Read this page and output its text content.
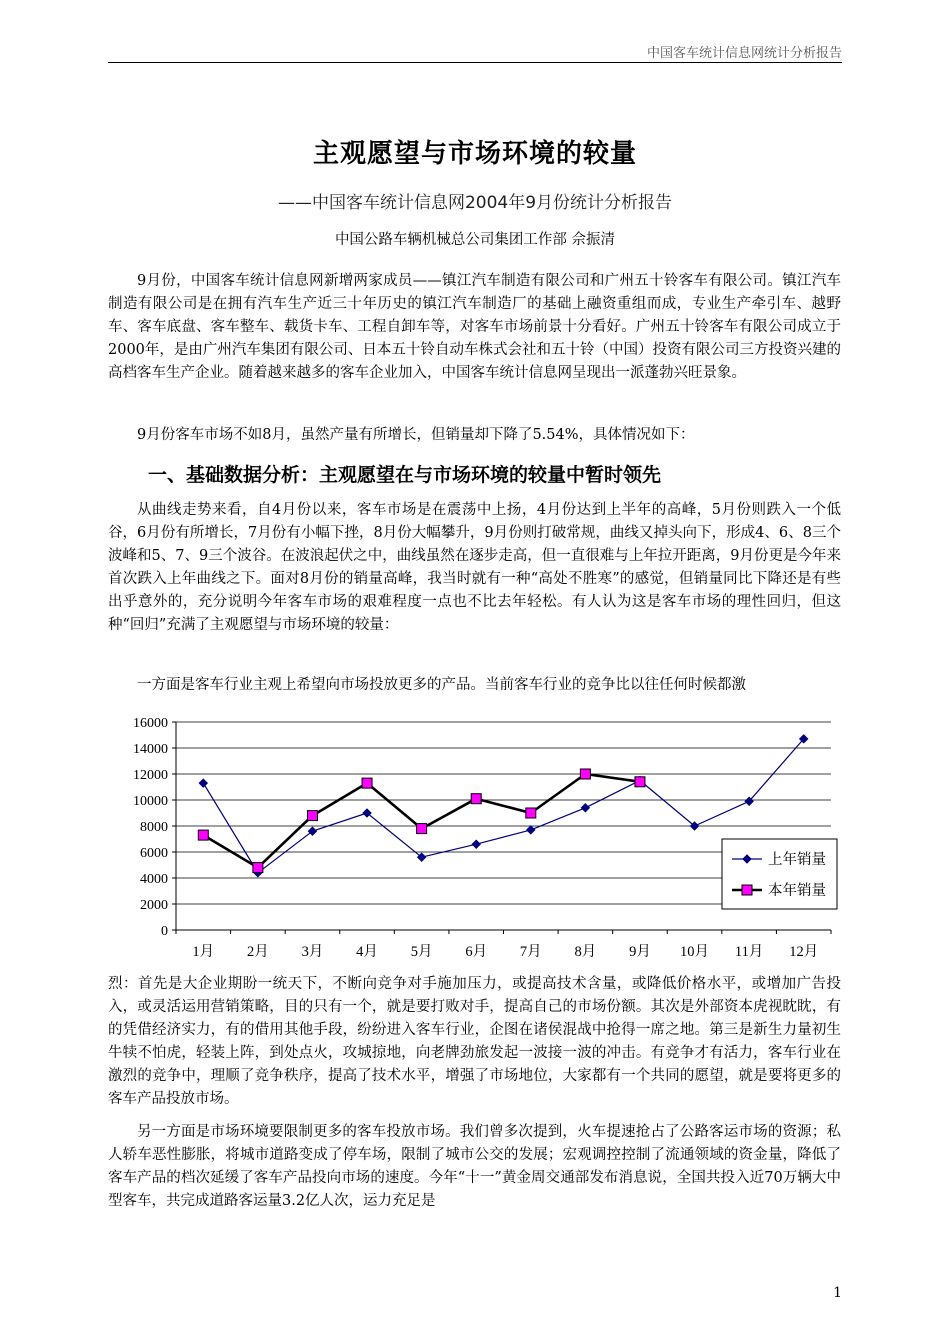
中国客车统计信息网统计分析报告
主观愿望与市场环境的较量
——中国客车统计信息网2004年9月份统计分析报告
中国公路车辆机械总公司集团工作部 佘振清

9月份，中国客车统计信息网新增两家成员——镇江汽车制造有限公司和广州五十铃客车有限公司。镇江汽车制造有限公司是在拥有汽车生产近三十年历史的镇江汽车制造厂的基础上融资重组而成，专业生产牵引车、越野车、客车底盘、客车整车、载货卡车、工程自卸车等，对客车市场前景十分看好。广州五十铃客车有限公司成立于2000年，是由广州汽车集团有限公司、日本五十铃自动车株式会社和五十铃（中国）投资有限公司三方投资兴建的高档客车生产企业。随着越来越多的客车企业加入，中国客车统计信息网呈现出一派蓬勃兴旺景象。

9月份客车市场不如8月，虽然产量有所增长，但销量却下降了5.54%，具体情况如下：

一、基础数据分析：主观愿望在与市场环境的较量中暂时领先

从曲线走势来看，自4月份以来，客车市场是在震荡中上扬，4月份达到上半年的高峰，5月份则跌入一个低谷，6月份有所增长，7月份有小幅下挫，8月份大幅攀升，9月份则打破常规，曲线又掉头向下，形成4、6、8三个波峰和5、7、9三个波谷。在波浪起伏之中，曲线虽然在逐步走高，但一直很难与上年拉开距离，9月份更是今年来首次跌入上年曲线之下。面对8月份的销量高峰，我当时就有一种“高处不胜寒”的感觉，但销量同比下降还是有些出乎意外的，充分说明今年客车市场的艰难程度一点也不比去年轻松。有人认为这是客车市场的理性回归，但这种“回归”充满了主观愿望与市场环境的较量：

一方面是客车行业主观上希望向市场投放更多的产品。当前客车行业的竞争比以往任何时候都激

0
2000
4000
6000
8000
10000
12000
14000
16000
1月 2月 3月 4月 5月 6月 7月 8月 9月 10月 11月 12月
上年销量
本年销量

烈：首先是大企业期盼一统天下，不断向竞争对手施加压力，或提高技术含量，或降低价格水平，或增加广告投入，或灵活运用营销策略，目的只有一个，就是要打败对手，提高自己的市场份额。其次是外部资本虎视眈眈，有的凭借经济实力，有的借用其他手段，纷纷进入客车行业，企图在诸侯混战中抢得一席之地。第三是新生力量初生牛犊不怕虎，轻装上阵，到处点火，攻城掠地，向老牌劲旅发起一波接一波的冲击。有竞争才有活力，客车行业在激烈的竞争中，理顺了竞争秩序，提高了技术水平，增强了市场地位，大家都有一个共同的愿望，就是要将更多的客车产品投放市场。

另一方面是市场环境要限制更多的客车投放市场。我们曾多次提到，火车提速抢占了公路客运市场的资源；私人轿车恶性膨胀，将城市道路变成了停车场，限制了城市公交的发展；宏观调控控制了流通领域的资金量，降低了客车产品的档次延缓了客车产品投向市场的速度。今年“十一”黄金周交通部发布消息说，全国共投入近70万辆大中型客车，共完成道路客运量3.2亿人次，运力充足是

1
